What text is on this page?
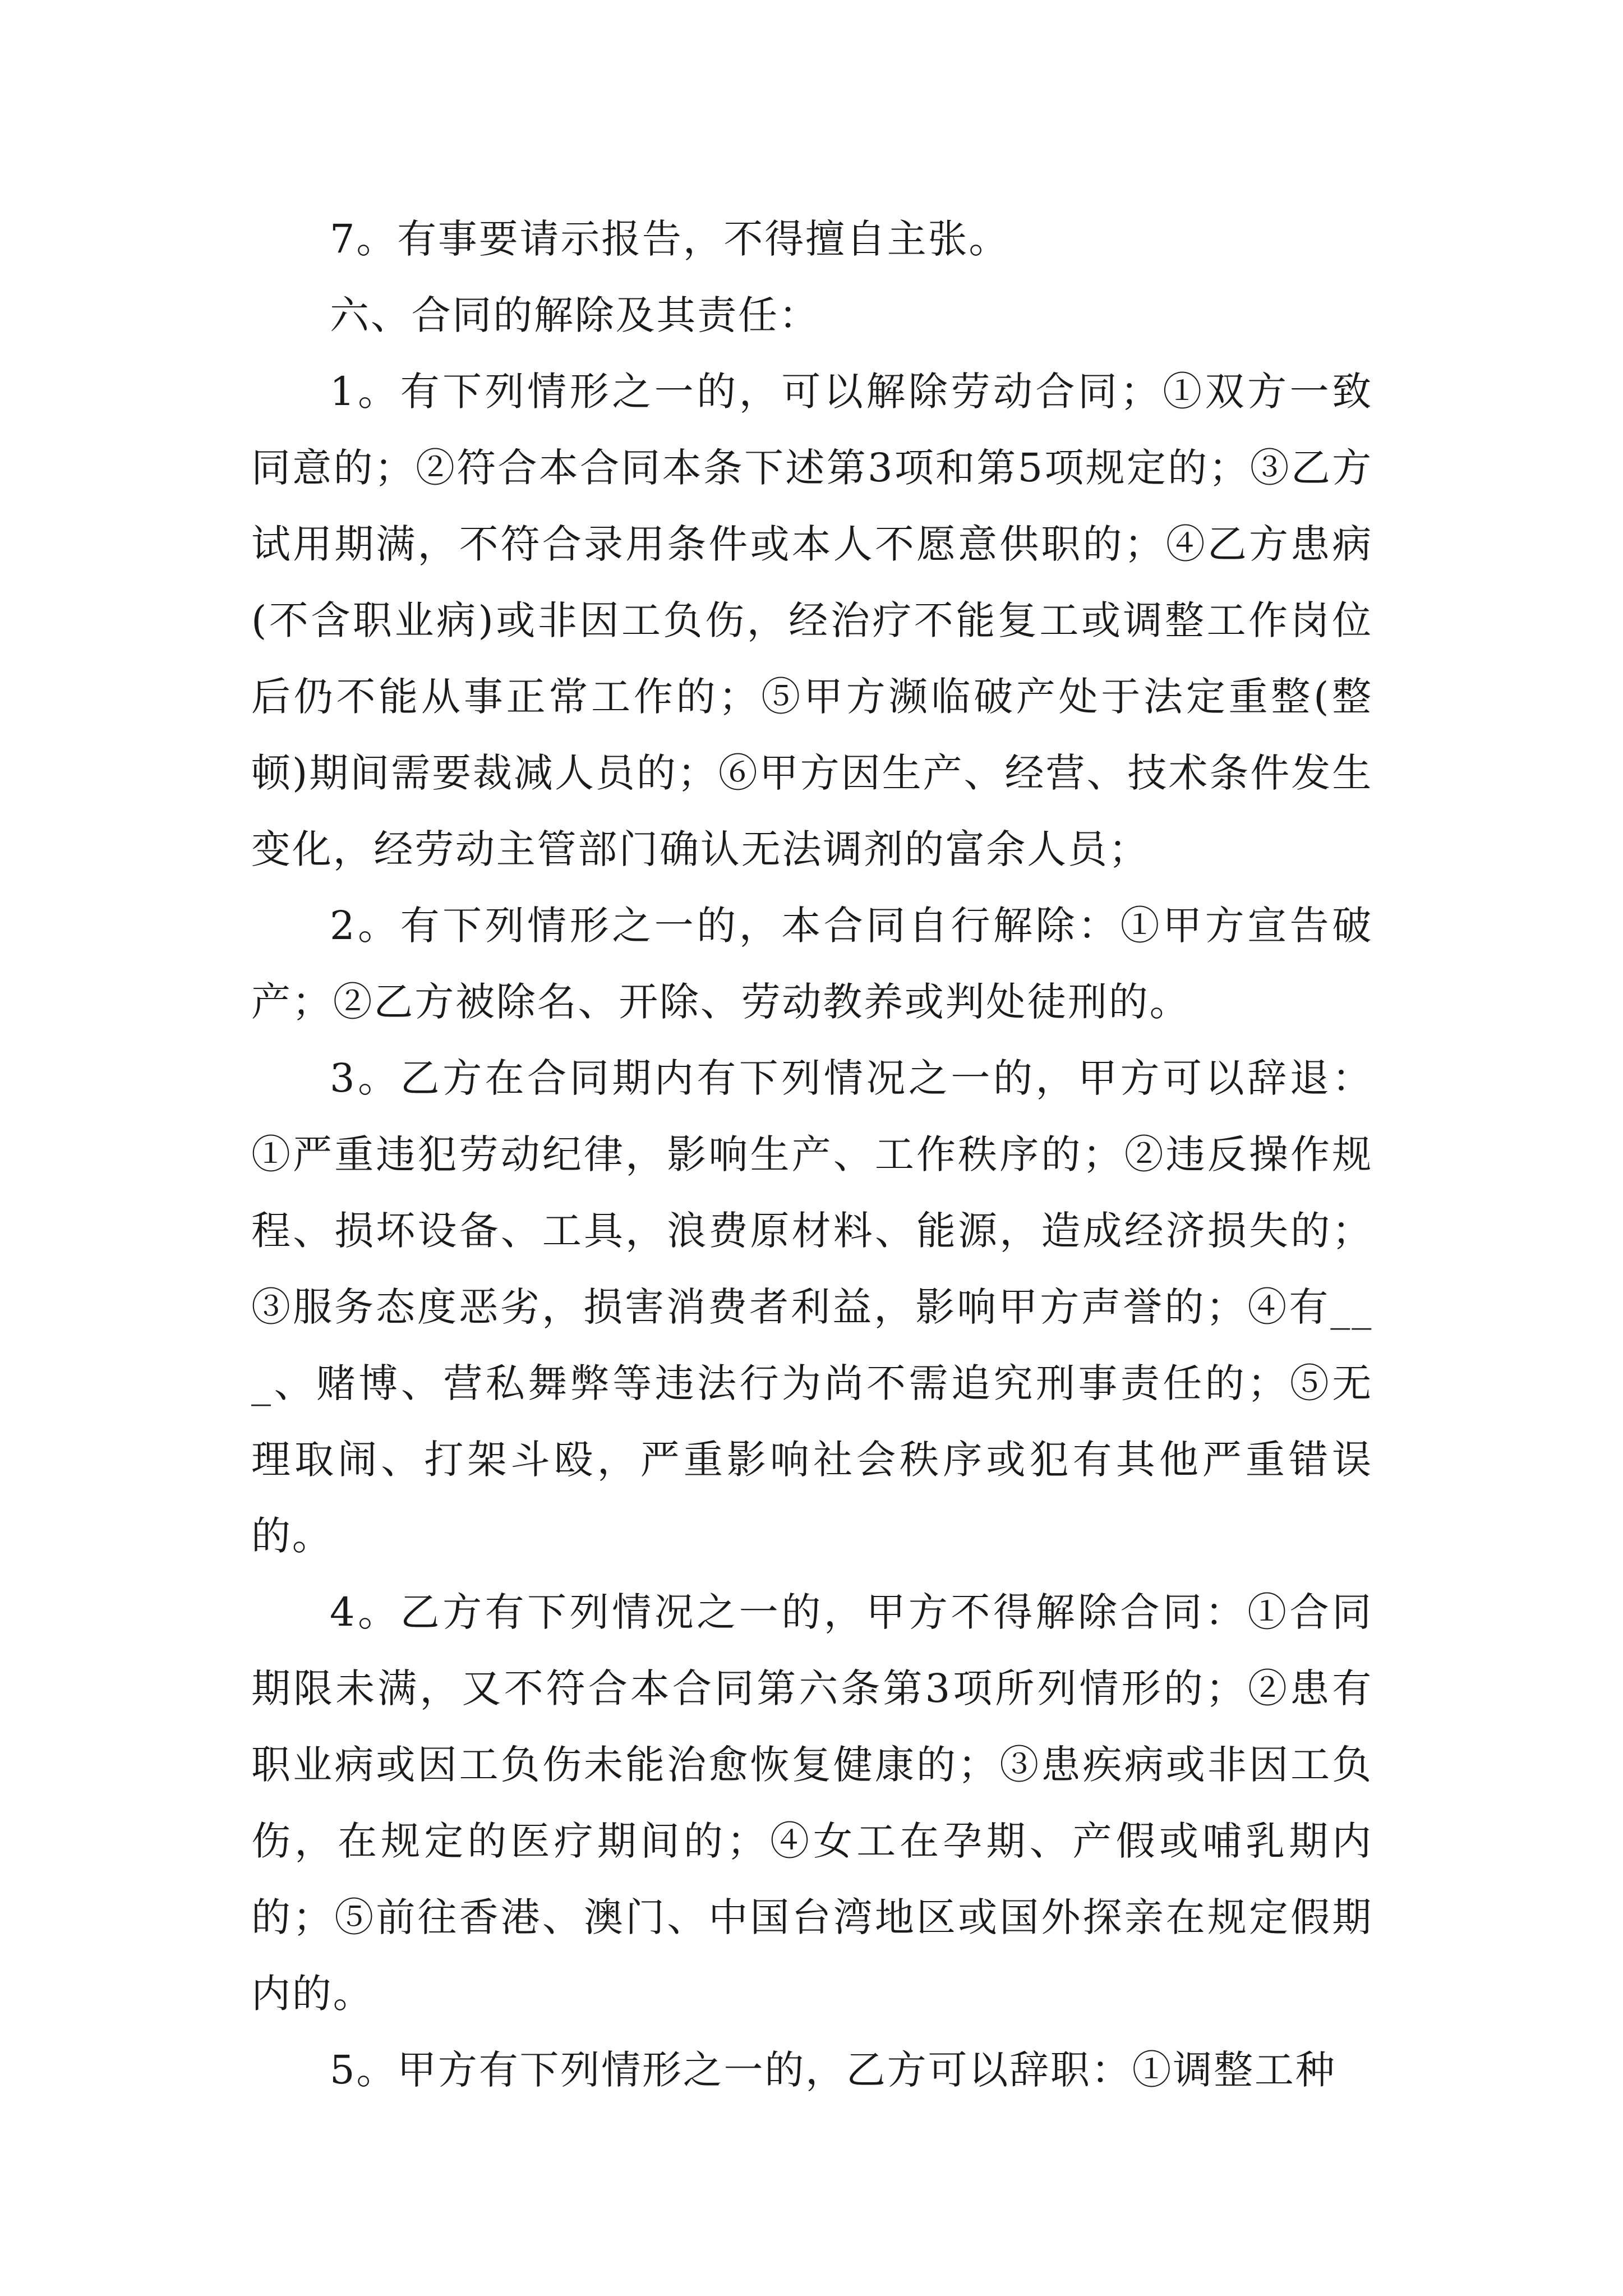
7。有事要请示报告，不得擅自主张。

六、合同的解除及其责任：

1。有下列情形之一的，可以解除劳动合同；①双方一致同意的；②符合本合同本条下述第3项和第5项规定的；③乙方试用期满，不符合录用条件或本人不愿意供职的；④乙方患病(不含职业病)或非因工负伤，经治疗不能复工或调整工作岗位后仍不能从事正常工作的；⑤甲方濒临破产处于法定重整(整顿)期间需要裁减人员的；⑥甲方因生产、经营、技术条件发生变化，经劳动主管部门确认无法调剂的富余人员；

2。有下列情形之一的，本合同自行解除：①甲方宣告破产；②乙方被除名、开除、劳动教养或判处徒刑的。

3。乙方在合同期内有下列情况之一的，甲方可以辞退：①严重违犯劳动纪律，影响生产、工作秩序的；②违反操作规程、损坏设备、工具，浪费原材料、能源，造成经济损失的；③服务态度恶劣，损害消费者利益，影响甲方声誉的；④有___、赌博、营私舞弊等违法行为尚不需追究刑事责任的；⑤无理取闹、打架斗殴，严重影响社会秩序或犯有其他严重错误的。

4。乙方有下列情况之一的，甲方不得解除合同：①合同期限未满，又不符合本合同第六条第3项所列情形的；②患有职业病或因工负伤未能治愈恢复健康的；③患疾病或非因工负伤，在规定的医疗期间的；④女工在孕期、产假或哺乳期内的；⑤前往香港、澳门、中国台湾地区或国外探亲在规定假期内的。

5。甲方有下列情形之一的，乙方可以辞职：①调整工种
